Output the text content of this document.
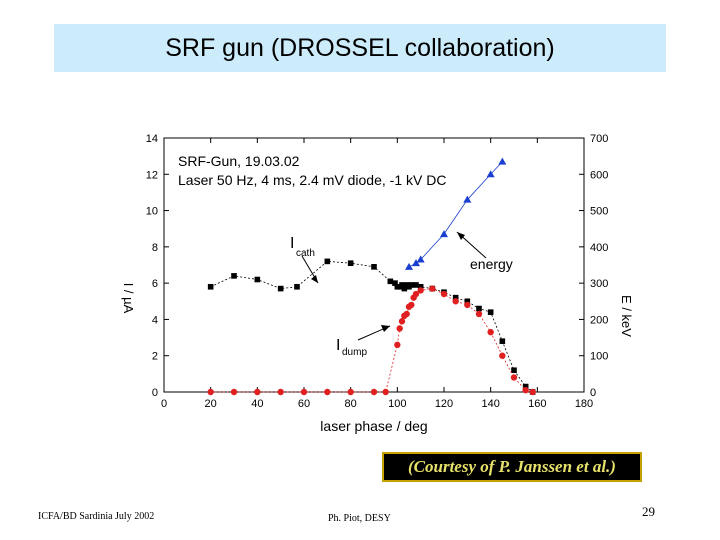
SRF gun (DROSSEL collaboration)
0	20	40	60	80	100	120	140	160	180
0
2
4
6
8
10
12
14
0
100
200
300
400
500
600
700
SRF-Gun, 19.03.02
Laser 50 Hz, 4 ms, 2.4 mV diode, -1 kV DC
laser phase / deg
I / µA	E / keV
I
cath
I dump
energy
(Courtesy of P. Janssen et al.)
ICFA/BD Sardinia July 2002	Ph. Piot, DESY	29
